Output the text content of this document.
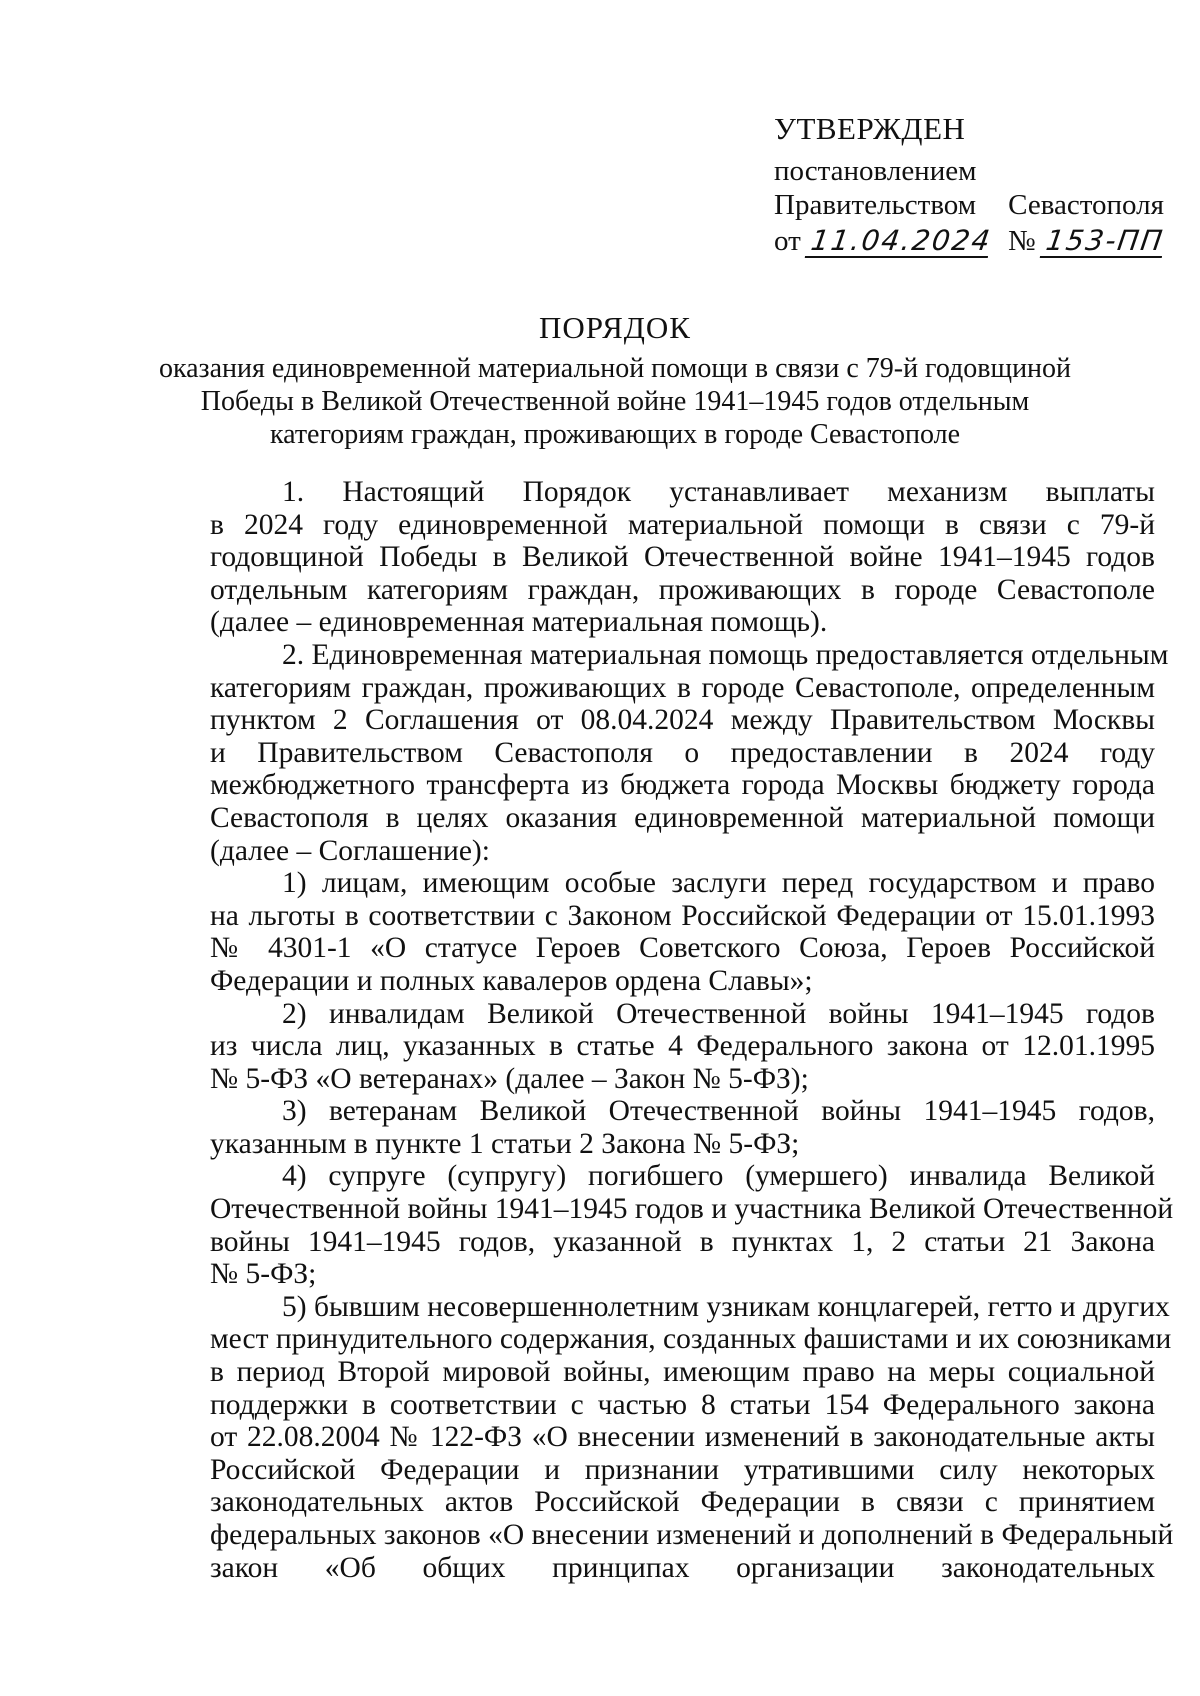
УТВЕРЖДЕН
постановлением
Правительством Севастополя
от 11.04.2024 № 153-ПП
ПОРЯДОК
оказания единовременной материальной помощи в связи с 79-й годовщиной
Победы в Великой Отечественной войне 1941–1945 годов отдельным
категориям граждан, проживающих в городе Севастополе
1. Настоящий Порядок устанавливает механизм выплаты
в 2024 году единовременной материальной помощи в связи с 79-й
годовщиной Победы в Великой Отечественной войне 1941–1945 годов
отдельным категориям граждан, проживающих в городе Севастополе
(далее – единовременная материальная помощь).
2. Единовременная материальная помощь предоставляется отдельным
категориям граждан, проживающих в городе Севастополе, определенным
пунктом 2 Соглашения от 08.04.2024 между Правительством Москвы
и Правительством Севастополя о предоставлении в 2024 году
межбюджетного трансферта из бюджета города Москвы бюджету города
Севастополя в целях оказания единовременной материальной помощи
(далее – Соглашение):
1) лицам, имеющим особые заслуги перед государством и право
на льготы в соответствии с Законом Российской Федерации от 15.01.1993
№ 4301-1 «О статусе Героев Советского Союза, Героев Российской
Федерации и полных кавалеров ордена Славы»;
2) инвалидам Великой Отечественной войны 1941–1945 годов
из числа лиц, указанных в статье 4 Федерального закона от 12.01.1995
№ 5-ФЗ «О ветеранах» (далее – Закон № 5-ФЗ);
3) ветеранам Великой Отечественной войны 1941–1945 годов,
указанным в пункте 1 статьи 2 Закона № 5-ФЗ;
4) супруге (супругу) погибшего (умершего) инвалида Великой
Отечественной войны 1941–1945 годов и участника Великой Отечественной
войны 1941–1945 годов, указанной в пунктах 1, 2 статьи 21 Закона
№ 5-ФЗ;
5) бывшим несовершеннолетним узникам концлагерей, гетто и других
мест принудительного содержания, созданных фашистами и их союзниками
в период Второй мировой войны, имеющим право на меры социальной
поддержки в соответствии с частью 8 статьи 154 Федерального закона
от 22.08.2004 № 122-ФЗ «О внесении изменений в законодательные акты
Российской Федерации и признании утратившими силу некоторых
законодательных актов Российской Федерации в связи с принятием
федеральных законов «О внесении изменений и дополнений в Федеральный
закон «Об общих принципах организации законодательных
